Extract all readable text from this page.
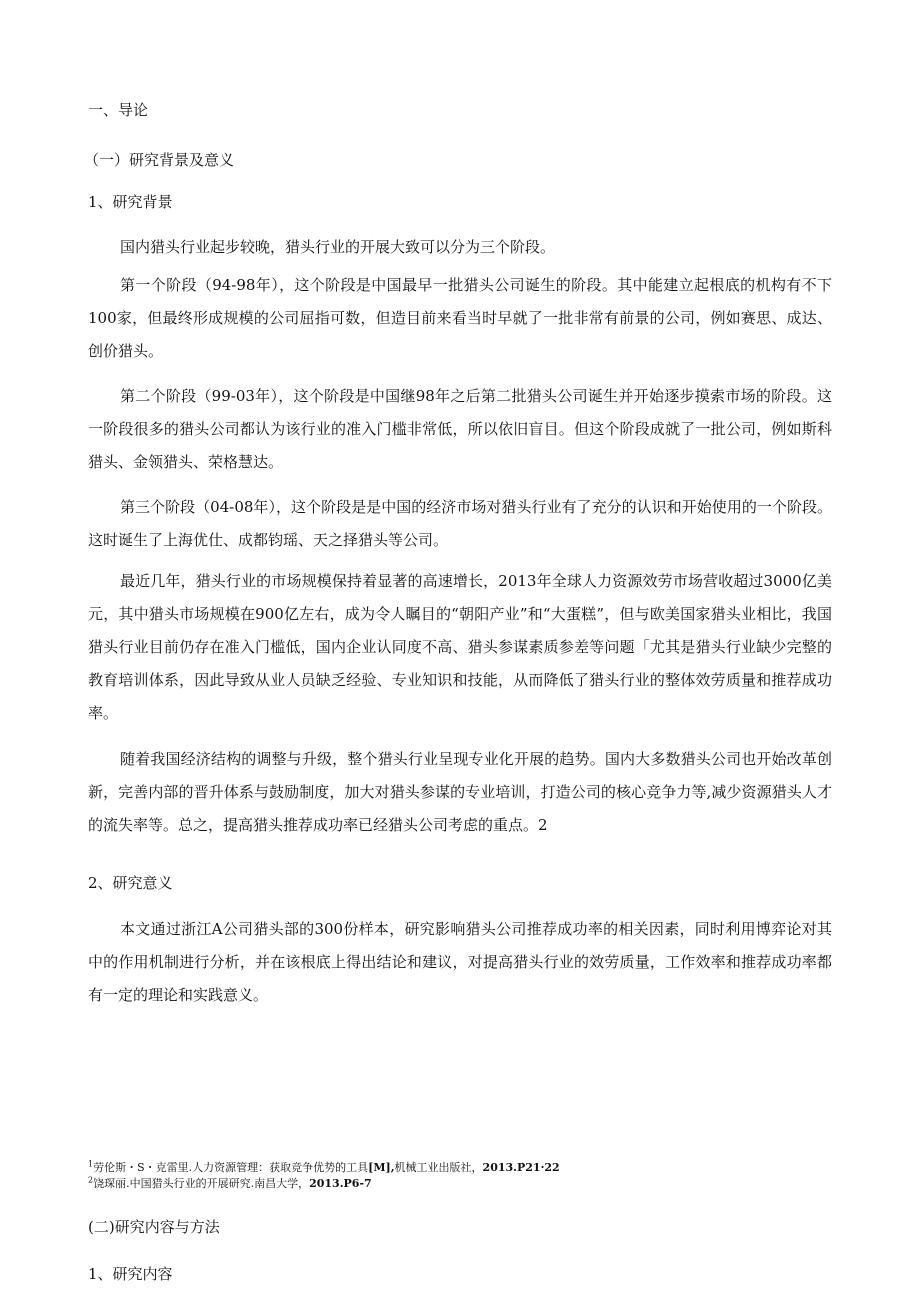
一、导论
（一）研究背景及意义
1、研究背景

国内猎头行业起步较晚，猎头行业的开展大致可以分为三个阶段。

第一个阶段（94-98年），这个阶段是中国最早一批猎头公司诞生的阶段。其中能建立起根底的机构有不下100家，但最终形成规模的公司屈指可数，但造目前来看当时早就了一批非常有前景的公司，例如赛思、成达、创价猎头。

第二个阶段（99-03年），这个阶段是中国继98年之后第二批猎头公司诞生并开始逐步摸索市场的阶段。这一阶段很多的猎头公司都认为该行业的准入门槛非常低，所以依旧盲目。但这个阶段成就了一批公司，例如斯科猎头、金领猎头、荣格慧达。

第三个阶段（04-08年），这个阶段是是中国的经济市场对猎头行业有了充分的认识和开始使用的一个阶段。这时诞生了上海优仕、成都钧瑶、天之择猎头等公司。

最近几年，猎头行业的市场规模保持着显著的高速增长，2013年全球人力资源效劳市场营收超过3000亿美元，其中猎头市场规模在900亿左右，成为令人瞩目的“朝阳产业”和“大蛋糕”，但与欧美国家猎头业相比，我国猎头行业目前仍存在准入门槛低，国内企业认同度不高、猎头参谋素质参差等问题「尤其是猎头行业缺少完整的教育培训体系，因此导致从业人员缺乏经验、专业知识和技能，从而降低了猎头行业的整体效劳质量和推荐成功率。

随着我国经济结构的调整与升级，整个猎头行业呈现专业化开展的趋势。国内大多数猎头公司也开始改革创新，完善内部的晋升体系与鼓励制度，加大对猎头参谋的专业培训，打造公司的核心竞争力等,减少资源猎头人才的流失率等。总之，提高猎头推荐成功率已经猎头公司考虑的重点。2

2、研究意义

本文通过浙江A公司猎头部的300份样本，研究影响猎头公司推荐成功率的相关因素，同时利用博弈论对其中的作用机制进行分析，并在该根底上得出结论和建议，对提高猎头行业的效劳质量，工作效率和推荐成功率都有一定的理论和实践意义。

$^1$劳伦斯・S・克雷里.人力资源管理：获取竞争优势的工具[M],机械工业出版社，2013.P21·22
$^2$饶琛丽.中国猎头行业的开展研究.南昌大学，2013.P6-7
(二)研究内容与方法
1、研究内容
